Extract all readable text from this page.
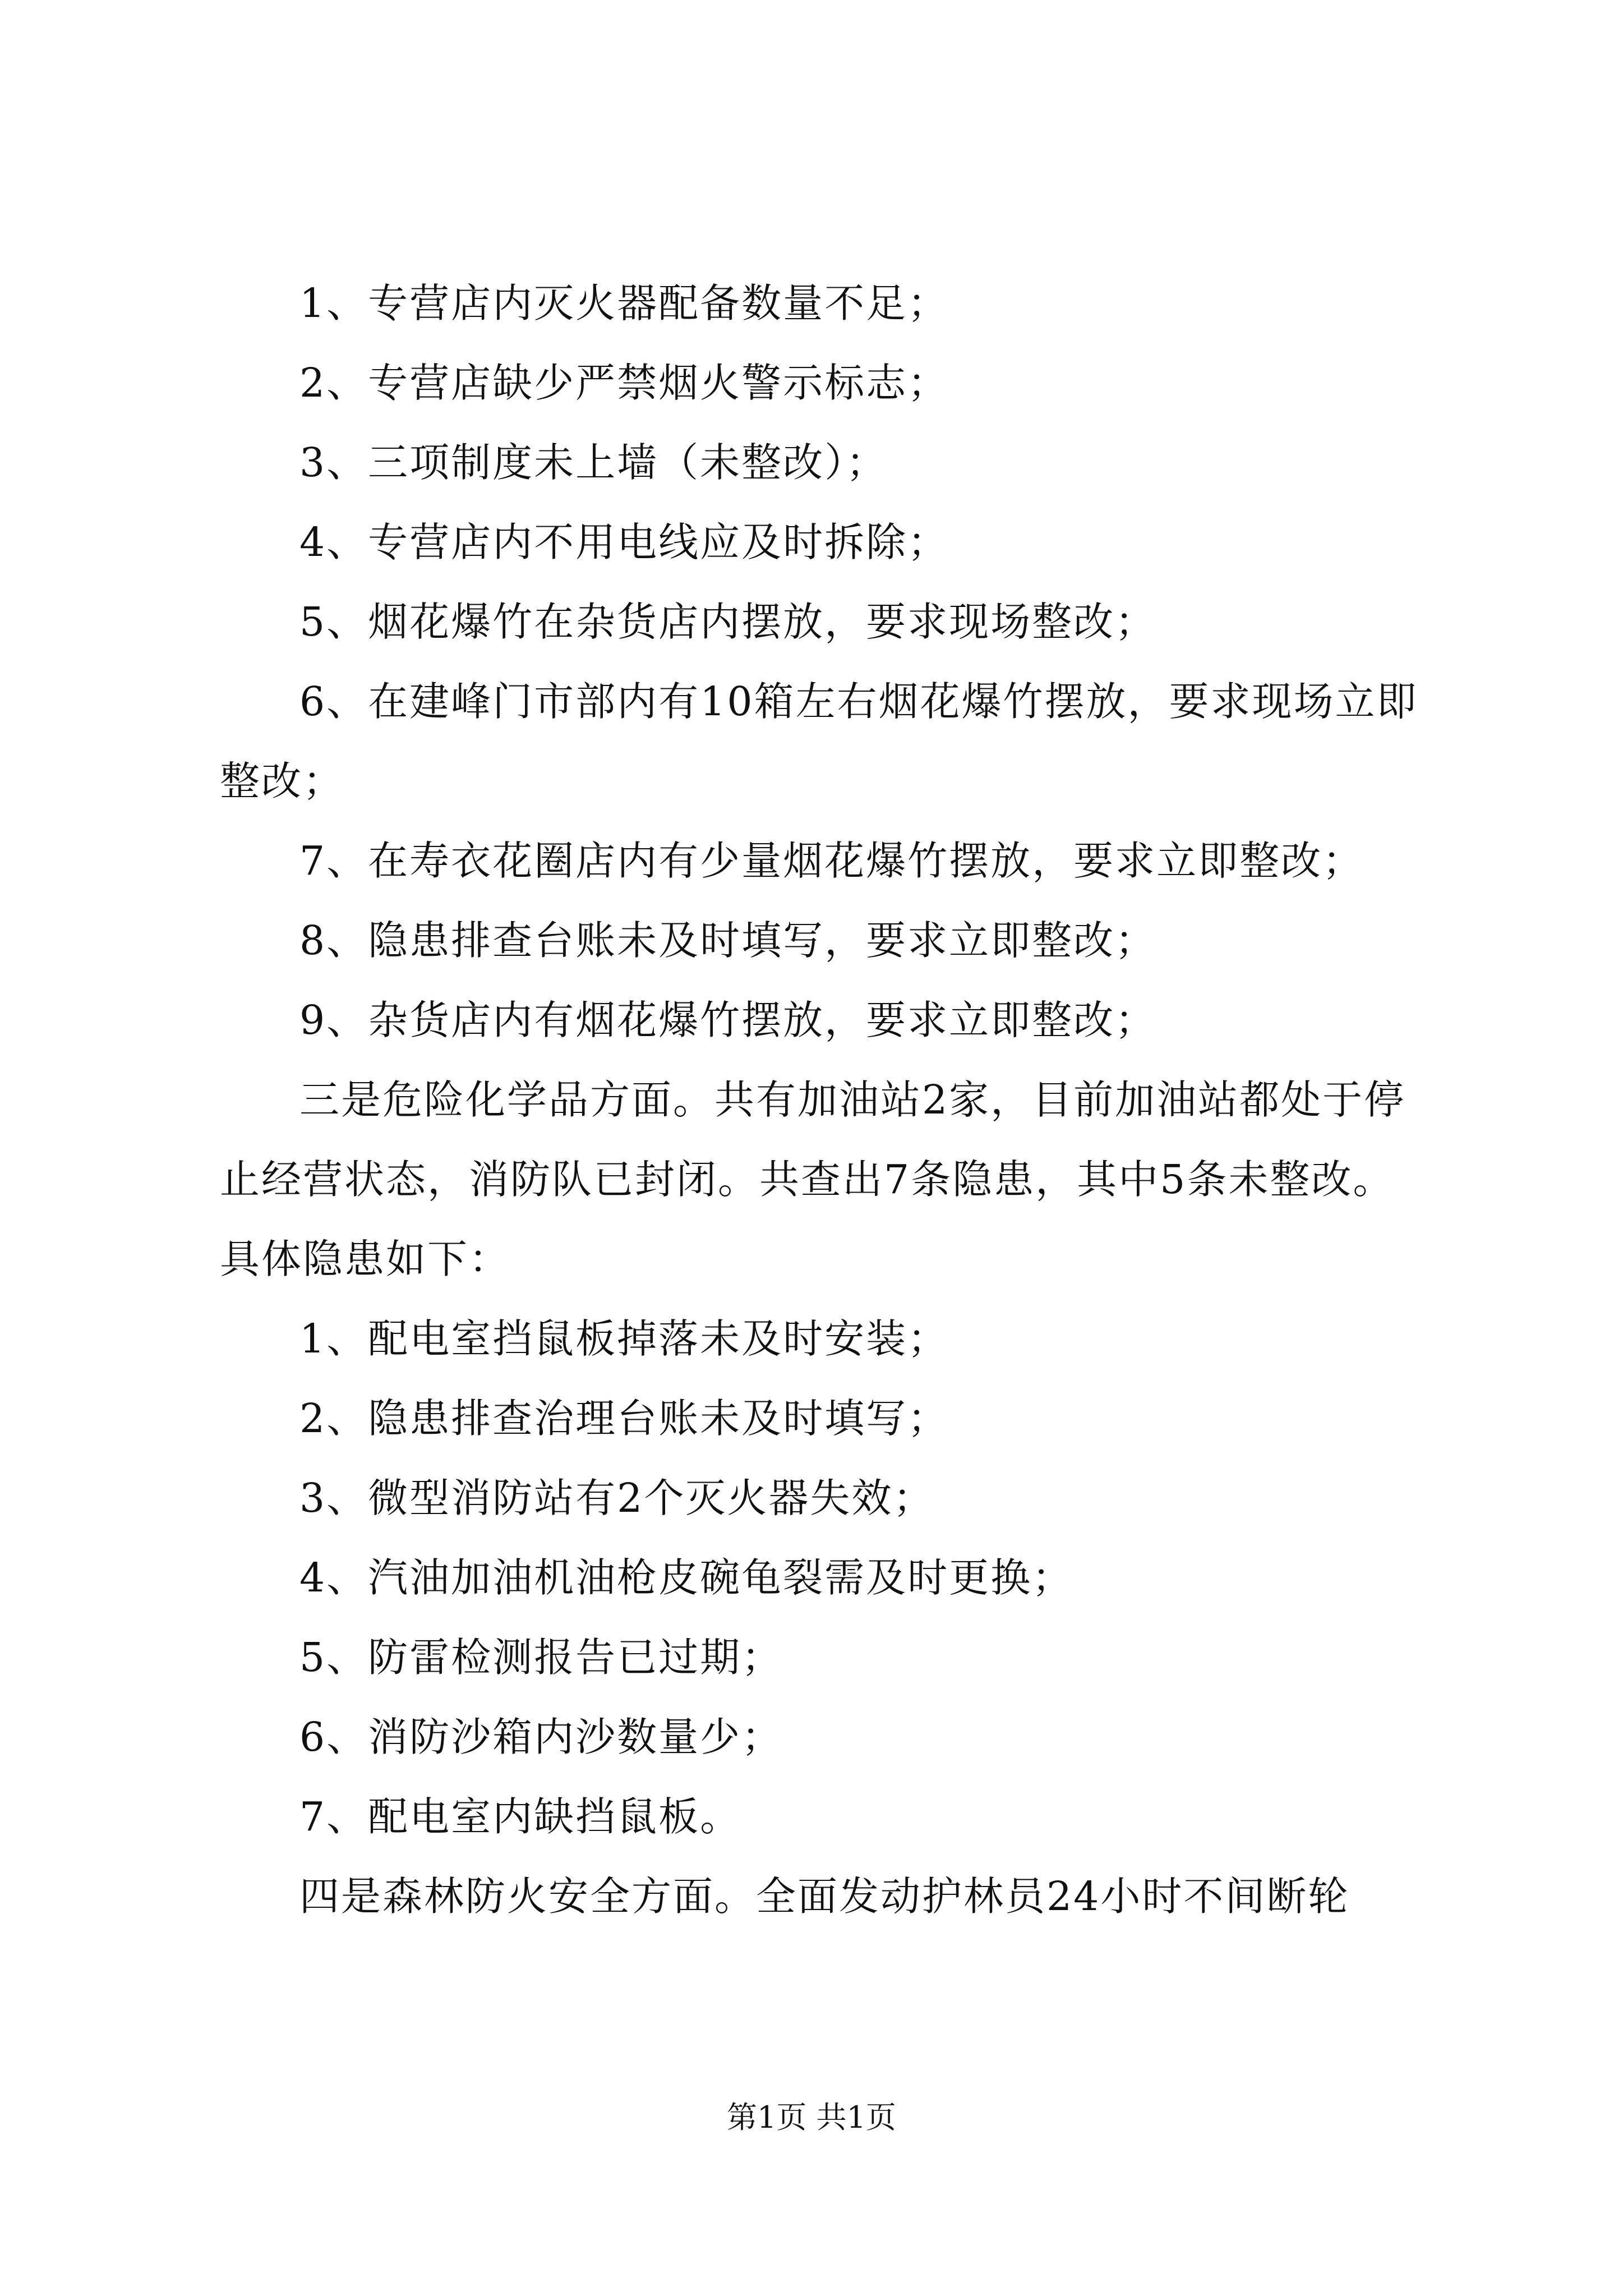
1、专营店内灭火器配备数量不足；

2、专营店缺少严禁烟火警示标志；

3、三项制度未上墙（未整改）；

4、专营店内不用电线应及时拆除；

5、烟花爆竹在杂货店内摆放，要求现场整改；

6、在建峰门市部内有10箱左右烟花爆竹摆放，要求现场立即整改；

7、在寿衣花圈店内有少量烟花爆竹摆放，要求立即整改；

8、隐患排查台账未及时填写，要求立即整改；

9、杂货店内有烟花爆竹摆放，要求立即整改；

三是危险化学品方面。共有加油站2家，目前加油站都处于停止经营状态，消防队已封闭。共查出7条隐患，其中5条未整改。具体隐患如下：

1、配电室挡鼠板掉落未及时安装；

2、隐患排查治理台账未及时填写；

3、微型消防站有2个灭火器失效；

4、汽油加油机油枪皮碗龟裂需及时更换；

5、防雷检测报告已过期；

6、消防沙箱内沙数量少；

7、配电室内缺挡鼠板。

四是森林防火安全方面。全面发动护林员24小时不间断轮

第1页 共1页
